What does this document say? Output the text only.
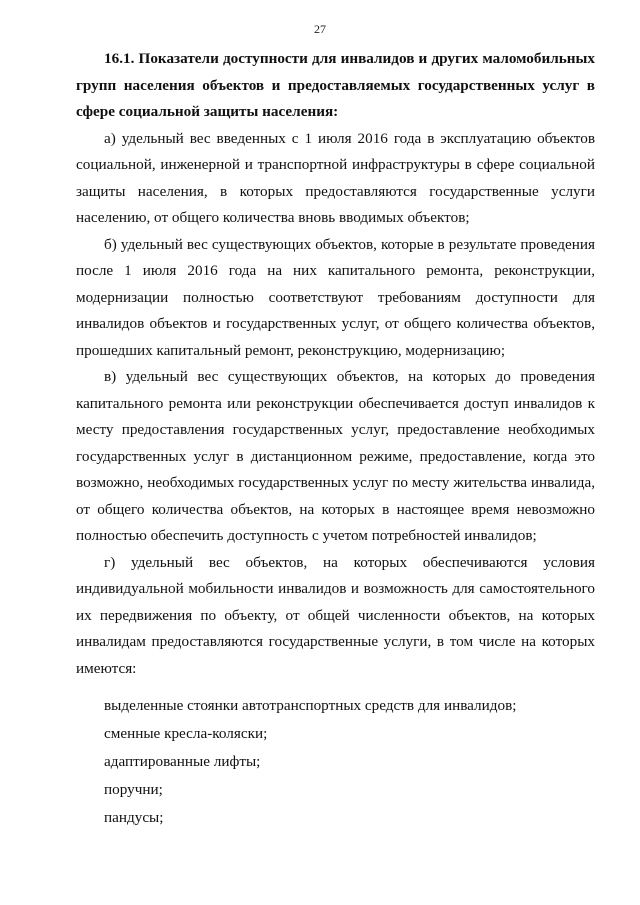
27

16.1. Показатели доступности для инвалидов и других маломобильных групп населения объектов и предоставляемых государственных услуг в сфере социальной защиты населения:

а) удельный вес введенных с 1 июля 2016 года в эксплуатацию объектов социальной, инженерной и транспортной инфраструктуры в сфере социальной защиты населения, в которых предоставляются государственные услуги населению, от общего количества вновь вводимых объектов;

б) удельный вес существующих объектов, которые в результате проведения после 1 июля 2016 года на них капитального ремонта, реконструкции, модернизации полностью соответствуют требованиям доступности для инвалидов объектов и государственных услуг, от общего количества объектов, прошедших капитальный ремонт, реконструкцию, модернизацию;

в) удельный вес существующих объектов, на которых до проведения капитального ремонта или реконструкции обеспечивается доступ инвалидов к месту предоставления государственных услуг, предоставление необходимых государственных услуг в дистанционном режиме, предоставление, когда это возможно, необходимых государственных услуг по месту жительства инвалида, от общего количества объектов, на которых в настоящее время невозможно полностью обеспечить доступность с учетом потребностей инвалидов;

г) удельный вес объектов, на которых обеспечиваются условия индивидуальной мобильности инвалидов и возможность для самостоятельного их передвижения по объекту, от общей численности объектов, на которых инвалидам предоставляются государственные услуги, в том числе на которых имеются:

выделенные стоянки автотранспортных средств для инвалидов;
сменные кресла-коляски;
адаптированные лифты;
поручни;
пандусы;
